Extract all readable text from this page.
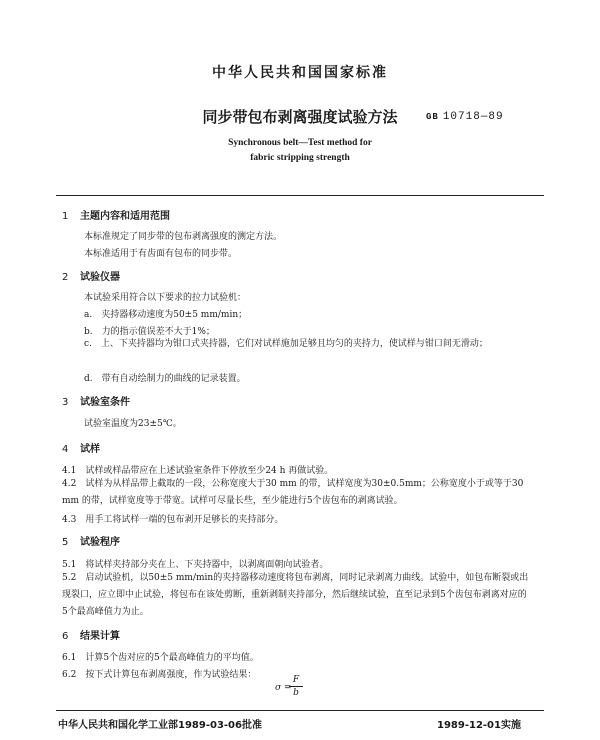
中华人民共和国国家标准
同步带包布剥离强度试验方法	GB 10718—89
Synchronous belt—Test method for
fabric stripping strength
1 主题内容和适用范围
本标准规定了同步带的包布剥离强度的测定方法。
本标准适用于有齿面有包布的同步带。
2 试验仪器
本试验采用符合以下要求的拉力试验机：
a.　夹持器移动速度为50±5 mm/min；
b.　力的指示值误差不大于1%；
c.　上、下夹持器均为钳口式夹持器，它们对试样施加足够且均匀的夹持力，使试样与钳口间无滑动；
d.　带有自动绘制力的曲线的记录装置。
3 试验室条件
试验室温度为23±5℃。
4 试样
4.1　试样或样品带应在上述试验室条件下停放至少24 h 再做试验。
4.2　试样为从样品带上截取的一段，公称宽度大于30 mm 的带，试样宽度为30±0.5mm；公称宽度小于或等于30 mm 的带，试样宽度等于带宽。试样可尽量长些，至少能进行5个齿包布的剥离试验。
4.3　用手工将试样一端的包布剥开足够长的夹持部分。
5 试验程序
5.1　将试样夹持部分夹在上、下夹持器中，以剥离面朝向试验者。
5.2　启动试验机，以50±5 mm/min的夹持器移动速度将包布剥离，同时记录剥离力曲线。试验中，如包布断裂或出现裂口，应立即中止试验，将包布在该处剪断，重新剥制夹持部分，然后继续试验，直至记录到5个齿包布剥离对应的5个最高峰值力为止。
6 结果计算
6.1　计算5个齿对应的5个最高峰值力的平均值。
6.2　按下式计算包布剥离强度，作为试验结果：
σ =
F
b
中华人民共和国化学工业部1989-03-06批准	1989-12-01实施
